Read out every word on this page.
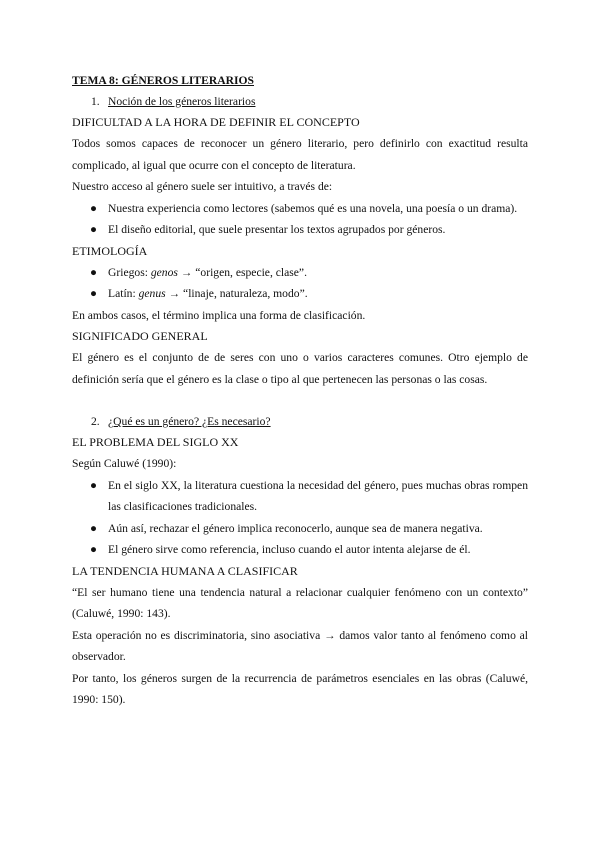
TEMA 8: GÉNEROS LITERARIOS
1. Noción de los géneros literarios
DIFICULTAD A LA HORA DE DEFINIR EL CONCEPTO
Todos somos capaces de reconocer un género literario, pero definirlo con exactitud resulta complicado, al igual que ocurre con el concepto de literatura.
Nuestro acceso al género suele ser intuitivo, a través de:
● Nuestra experiencia como lectores (sabemos qué es una novela, una poesía o un drama).
● El diseño editorial, que suele presentar los textos agrupados por géneros.
ETIMOLOGÍA
● Griegos: genos → “origen, especie, clase”.
● Latín: genus → “linaje, naturaleza, modo”.
En ambos casos, el término implica una forma de clasificación.
SIGNIFICADO GENERAL
El género es el conjunto de de seres con uno o varios caracteres comunes. Otro ejemplo de definición sería que el género es la clase o tipo al que pertenecen las personas o las cosas.
2. ¿Qué es un género? ¿Es necesario?
EL PROBLEMA DEL SIGLO XX
Según Caluwé (1990):
● En el siglo XX, la literatura cuestiona la necesidad del género, pues muchas obras rompen las clasificaciones tradicionales.
● Aún así, rechazar el género implica reconocerlo, aunque sea de manera negativa.
● El género sirve como referencia, incluso cuando el autor intenta alejarse de él.
LA TENDENCIA HUMANA A CLASIFICAR
“El ser humano tiene una tendencia natural a relacionar cualquier fenómeno con un contexto” (Caluwé, 1990: 143).
Esta operación no es discriminatoria, sino asociativa → damos valor tanto al fenómeno como al observador.
Por tanto, los géneros surgen de la recurrencia de parámetros esenciales en las obras (Caluwé, 1990: 150).
